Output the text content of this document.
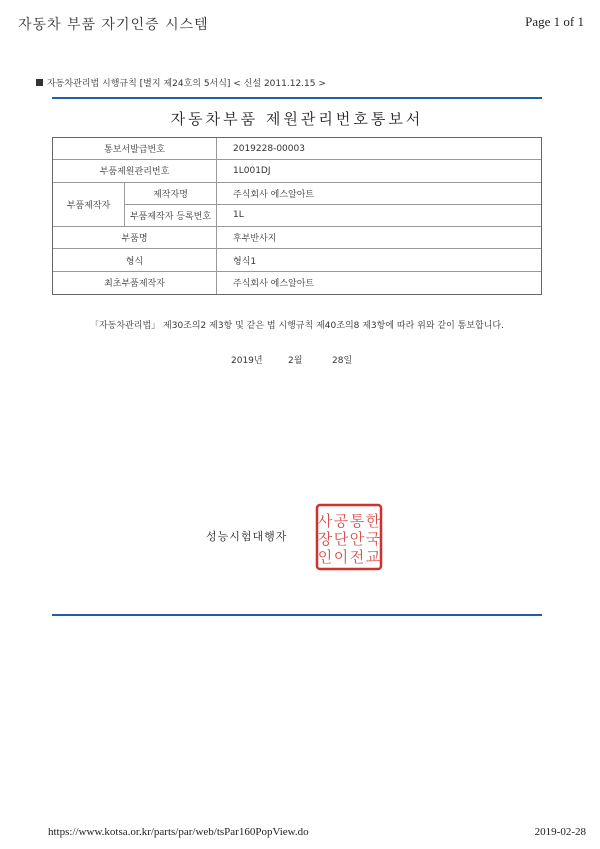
자동차 부품 자기인증 시스템	Page 1 of 1
자동차관리법 시행규칙 [별지 제24호의 5서식] < 신설 2011.12.15 >
자동차부품 제원관리번호통보서
통보서발급번호	2019228-00003
부품제원관리번호	1L001DJ
부품제작자
제작자명	주식회사 에스알아트
부품제작자 등록번호	1L
부품명	후부반사지
형식	형식1
최초부품제작자	주식회사 에스알아트
「자동차관리법」 제30조의2 제3항 및 같은 법 시행규칙 제40조의8 제3항에 따라 위와 같이 통보합니다.
2019년	2월	28일
성능시험대행자
한
국
교
통
안
전
공
단
이
사
장
인
https://www.kotsa.or.kr/parts/par/web/tsPar160PopView.do	2019-02-28
